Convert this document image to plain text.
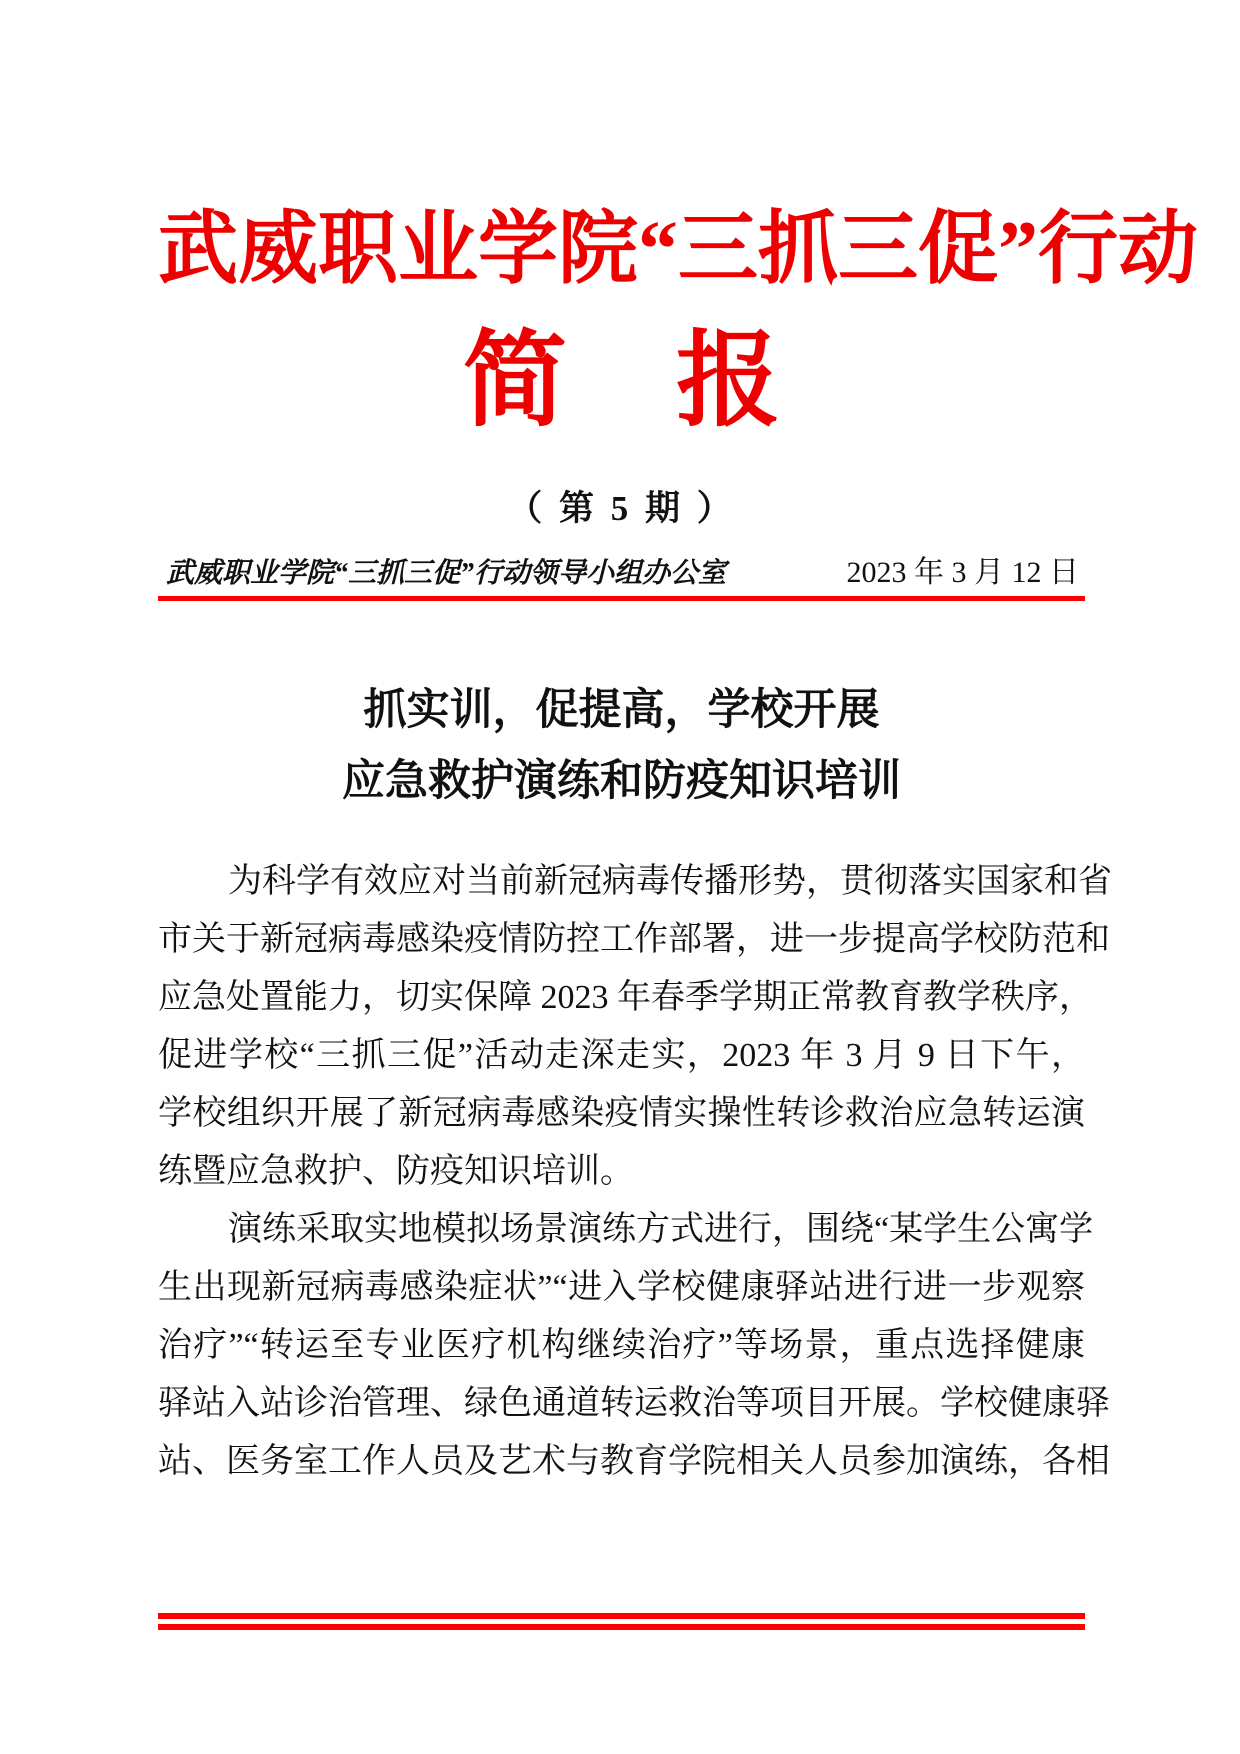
武威职业学院“三抓三促”行动
简报
（ 第 5 期 ）
武威职业学院“三抓三促”行动领导小组办公室	2023 年 3 月 12 日
抓实训，促提高，学校开展
应急救护演练和防疫知识培训
为科学有效应对当前新冠病毒传播形势，贯彻落实国家和省
市关于新冠病毒感染疫情防控工作部署，进一步提高学校防范和
应急处置能力，切实保障 2023 年春季学期正常教育教学秩序，
促进学校“三抓三促”活动走深走实，2023 年 3 月 9 日下午，
学校组织开展了新冠病毒感染疫情实操性转诊救治应急转运演
练暨应急救护、防疫知识培训。
演练采取实地模拟场景演练方式进行，围绕“某学生公寓学
生出现新冠病毒感染症状”“进入学校健康驿站进行进一步观察
治疗”“转运至专业医疗机构继续治疗”等场景，重点选择健康
驿站入站诊治管理、绿色通道转运救治等项目开展。学校健康驿
站、医务室工作人员及艺术与教育学院相关人员参加演练，各相
